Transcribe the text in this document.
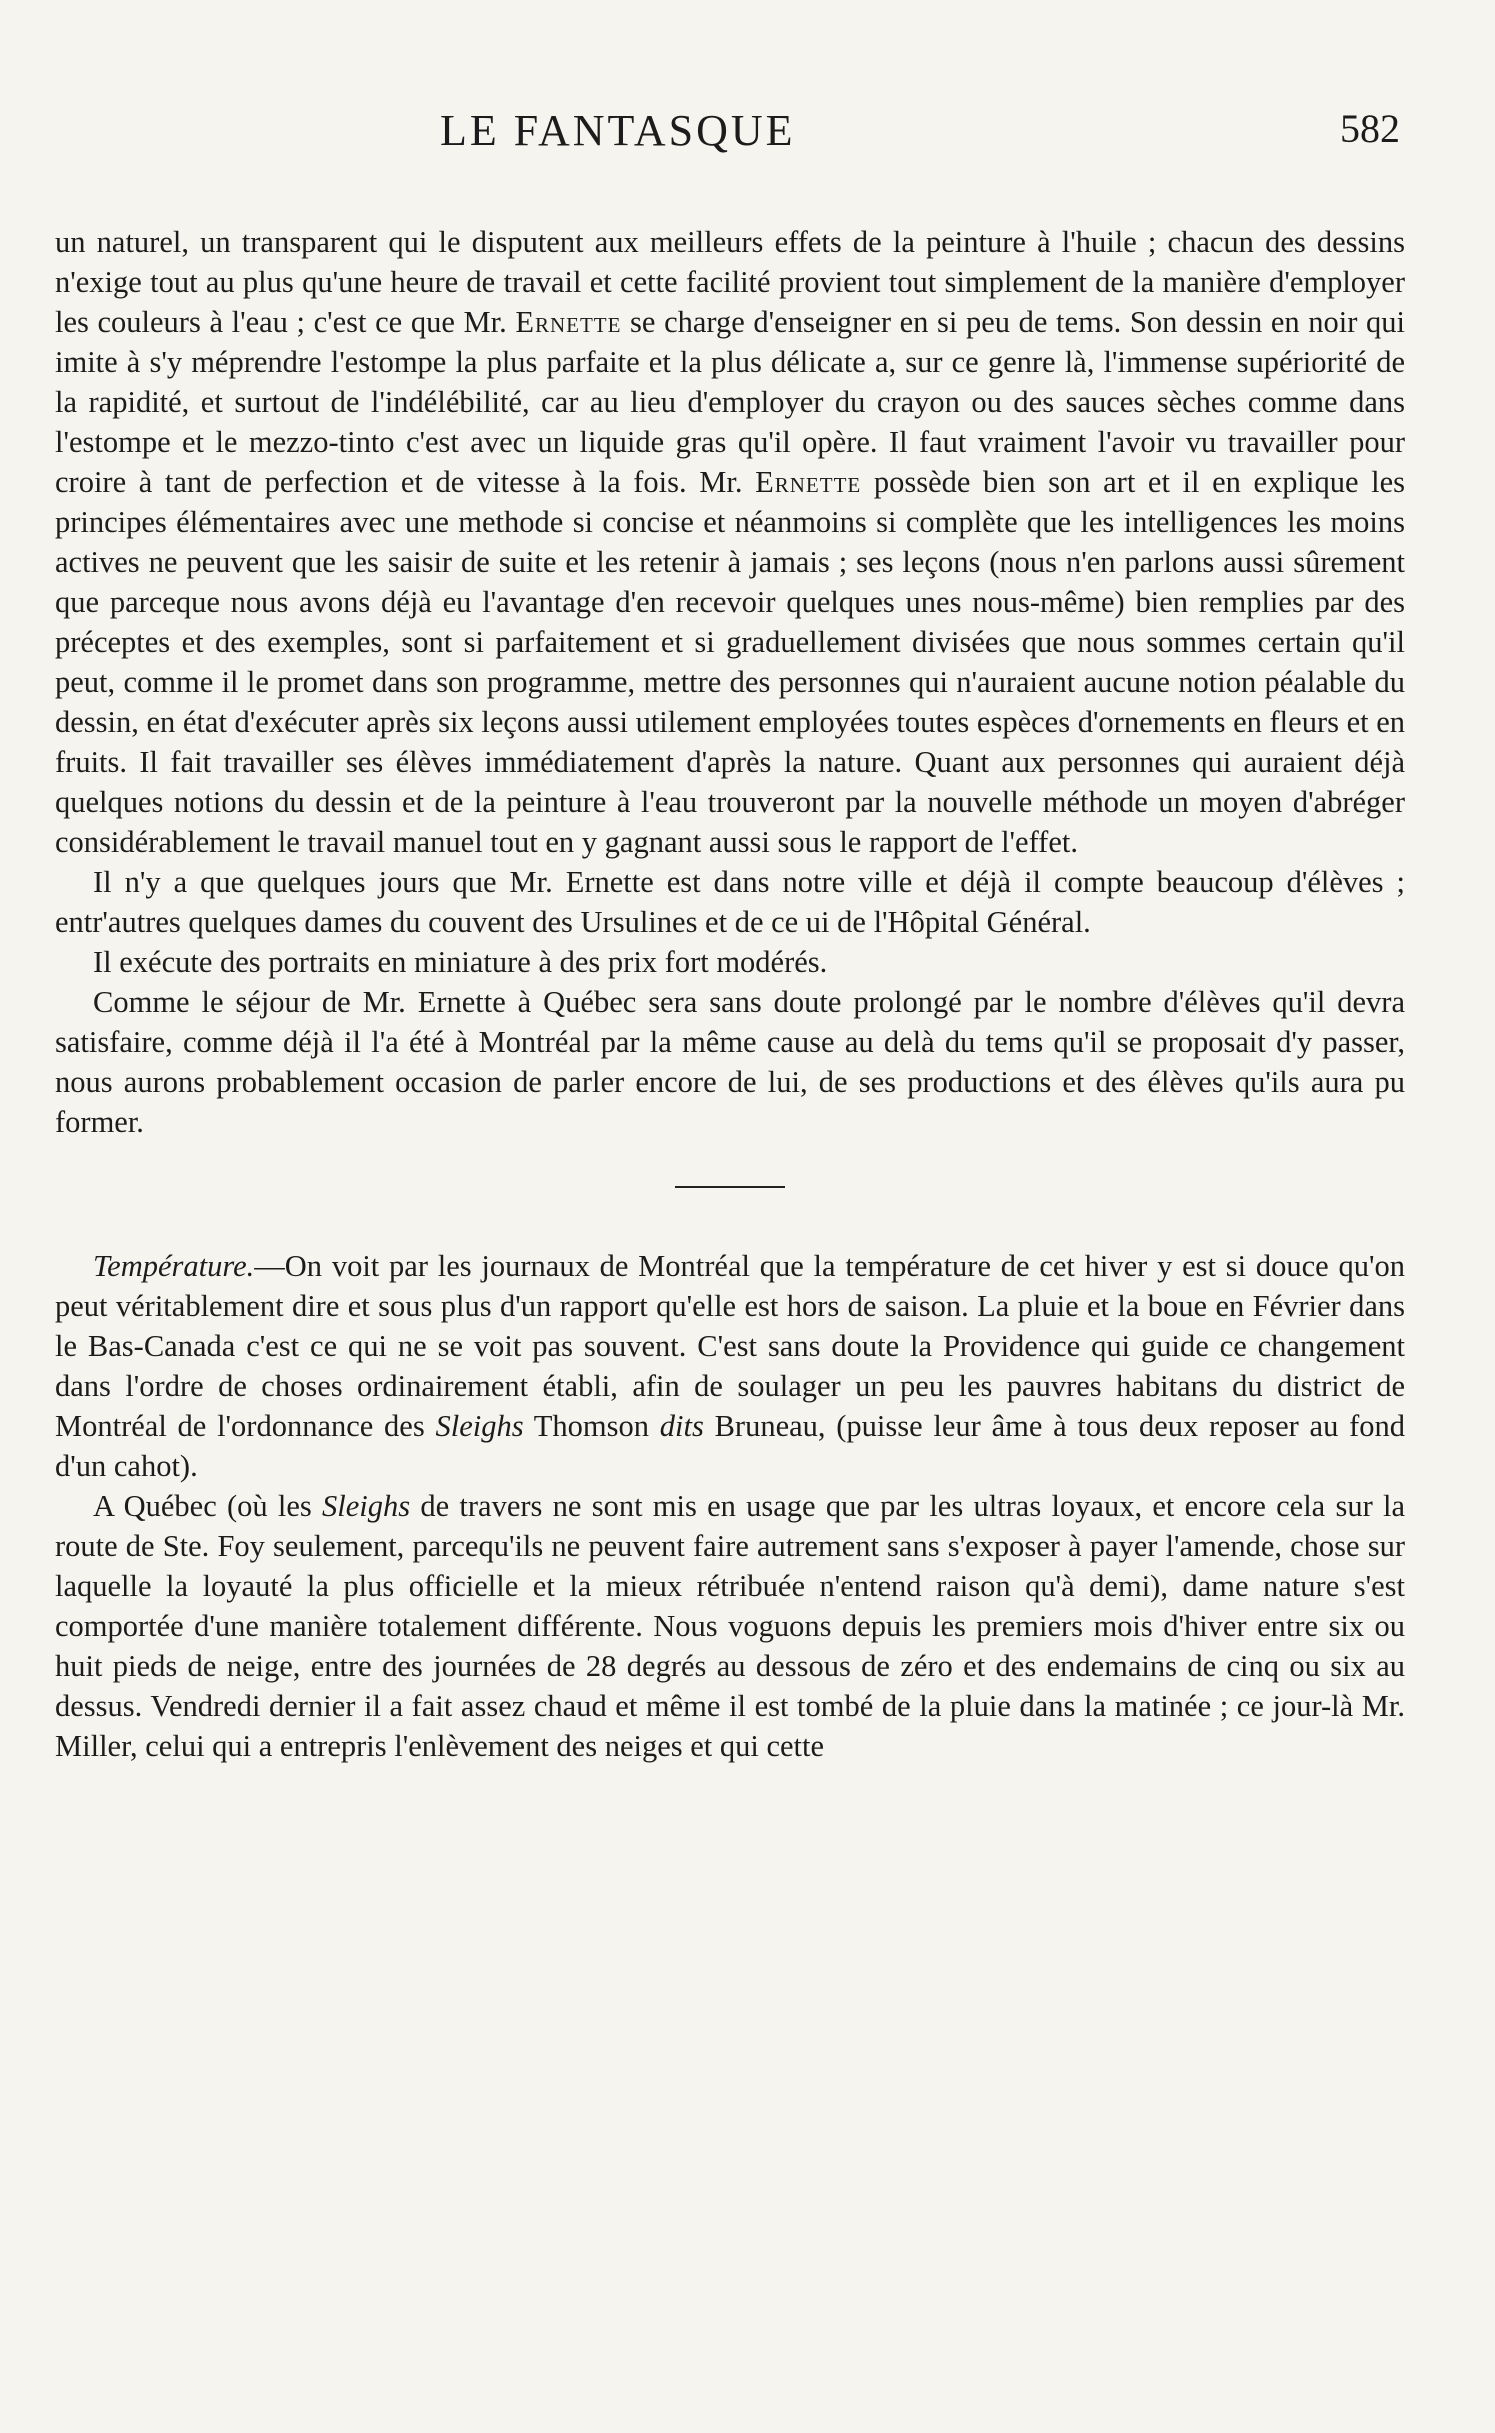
LE FANTASQUE	582

un naturel, un transparent qui le disputent aux meilleurs effets de la peinture à l'huile ; chacun des dessins n'exige tout au plus qu'une heure de travail et cette facilité provient tout simplement de la manière d'employer les couleurs à l'eau ; c'est ce que Mr. Ernette se charge d'enseigner en si peu de tems. Son dessin en noir qui imite à s'y méprendre l'estompe la plus parfaite et la plus délicate a, sur ce genre là, l'immense supériorité de la rapidité, et surtout de l'indélébilité, car au lieu d'employer du crayon ou des sauces sèches comme dans l'estompe et le mezzo-tinto c'est avec un liquide gras qu'il opère. Il faut vraiment l'avoir vu travailler pour croire à tant de perfection et de vitesse à la fois. Mr. Ernette possède bien son art et il en explique les principes élémentaires avec une methode si concise et néanmoins si complète que les intelligences les moins actives ne peuvent que les saisir de suite et les retenir à jamais ; ses leçons (nous n'en parlons aussi sûrement que parceque nous avons déjà eu l'avantage d'en recevoir quelques unes nous-même) bien remplies par des préceptes et des exemples, sont si parfaitement et si graduellement divisées que nous sommes certain qu'il peut, comme il le promet dans son programme, mettre des personnes qui n'auraient aucune notion péalable du dessin, en état d'exécuter après six leçons aussi utilement employées toutes espèces d'ornements en fleurs et en fruits. Il fait travailler ses élèves immédiatement d'après la nature. Quant aux personnes qui auraient déjà quelques notions du dessin et de la peinture à l'eau trouveront par la nouvelle méthode un moyen d'abréger considérablement le travail manuel tout en y gagnant aussi sous le rapport de l'effet.

Il n'y a que quelques jours que Mr. Ernette est dans notre ville et déjà il compte beaucoup d'élèves ; entr'autres quelques dames du couvent des Ursulines et de ce ui de l'Hôpital Général.

Il exécute des portraits en miniature à des prix fort modérés.

Comme le séjour de Mr. Ernette à Québec sera sans doute prolongé par le nombre d'élèves qu'il devra satisfaire, comme déjà il l'a été à Montréal par la même cause au delà du tems qu'il se proposait d'y passer, nous aurons probablement occasion de parler encore de lui, de ses productions et des élèves qu'ils aura pu former.

Température.—On voit par les journaux de Montréal que la température de cet hiver y est si douce qu'on peut véritablement dire et sous plus d'un rapport qu'elle est hors de saison. La pluie et la boue en Février dans le Bas-Canada c'est ce qui ne se voit pas souvent. C'est sans doute la Providence qui guide ce changement dans l'ordre de choses ordinairement établi, afin de soulager un peu les pauvres habitans du district de Montréal de l'ordonnance des Sleighs Thomson dits Bruneau, (puisse leur âme à tous deux reposer au fond d'un cahot).

A Québec (où les Sleighs de travers ne sont mis en usage que par les ultras loyaux, et encore cela sur la route de Ste. Foy seulement, parcequ'ils ne peuvent faire autrement sans s'exposer à payer l'amende, chose sur laquelle la loyauté la plus officielle et la mieux rétribuée n'entend raison qu'à demi), dame nature s'est comportée d'une manière totalement différente. Nous voguons depuis les premiers mois d'hiver entre six ou huit pieds de neige, entre des journées de 28 degrés au dessous de zéro et des endemains de cinq ou six au dessus. Vendredi dernier il a fait assez chaud et même il est tombé de la pluie dans la matinée ; ce jour-là Mr. Miller, celui qui a entrepris l'enlèvement des neiges et qui cette
